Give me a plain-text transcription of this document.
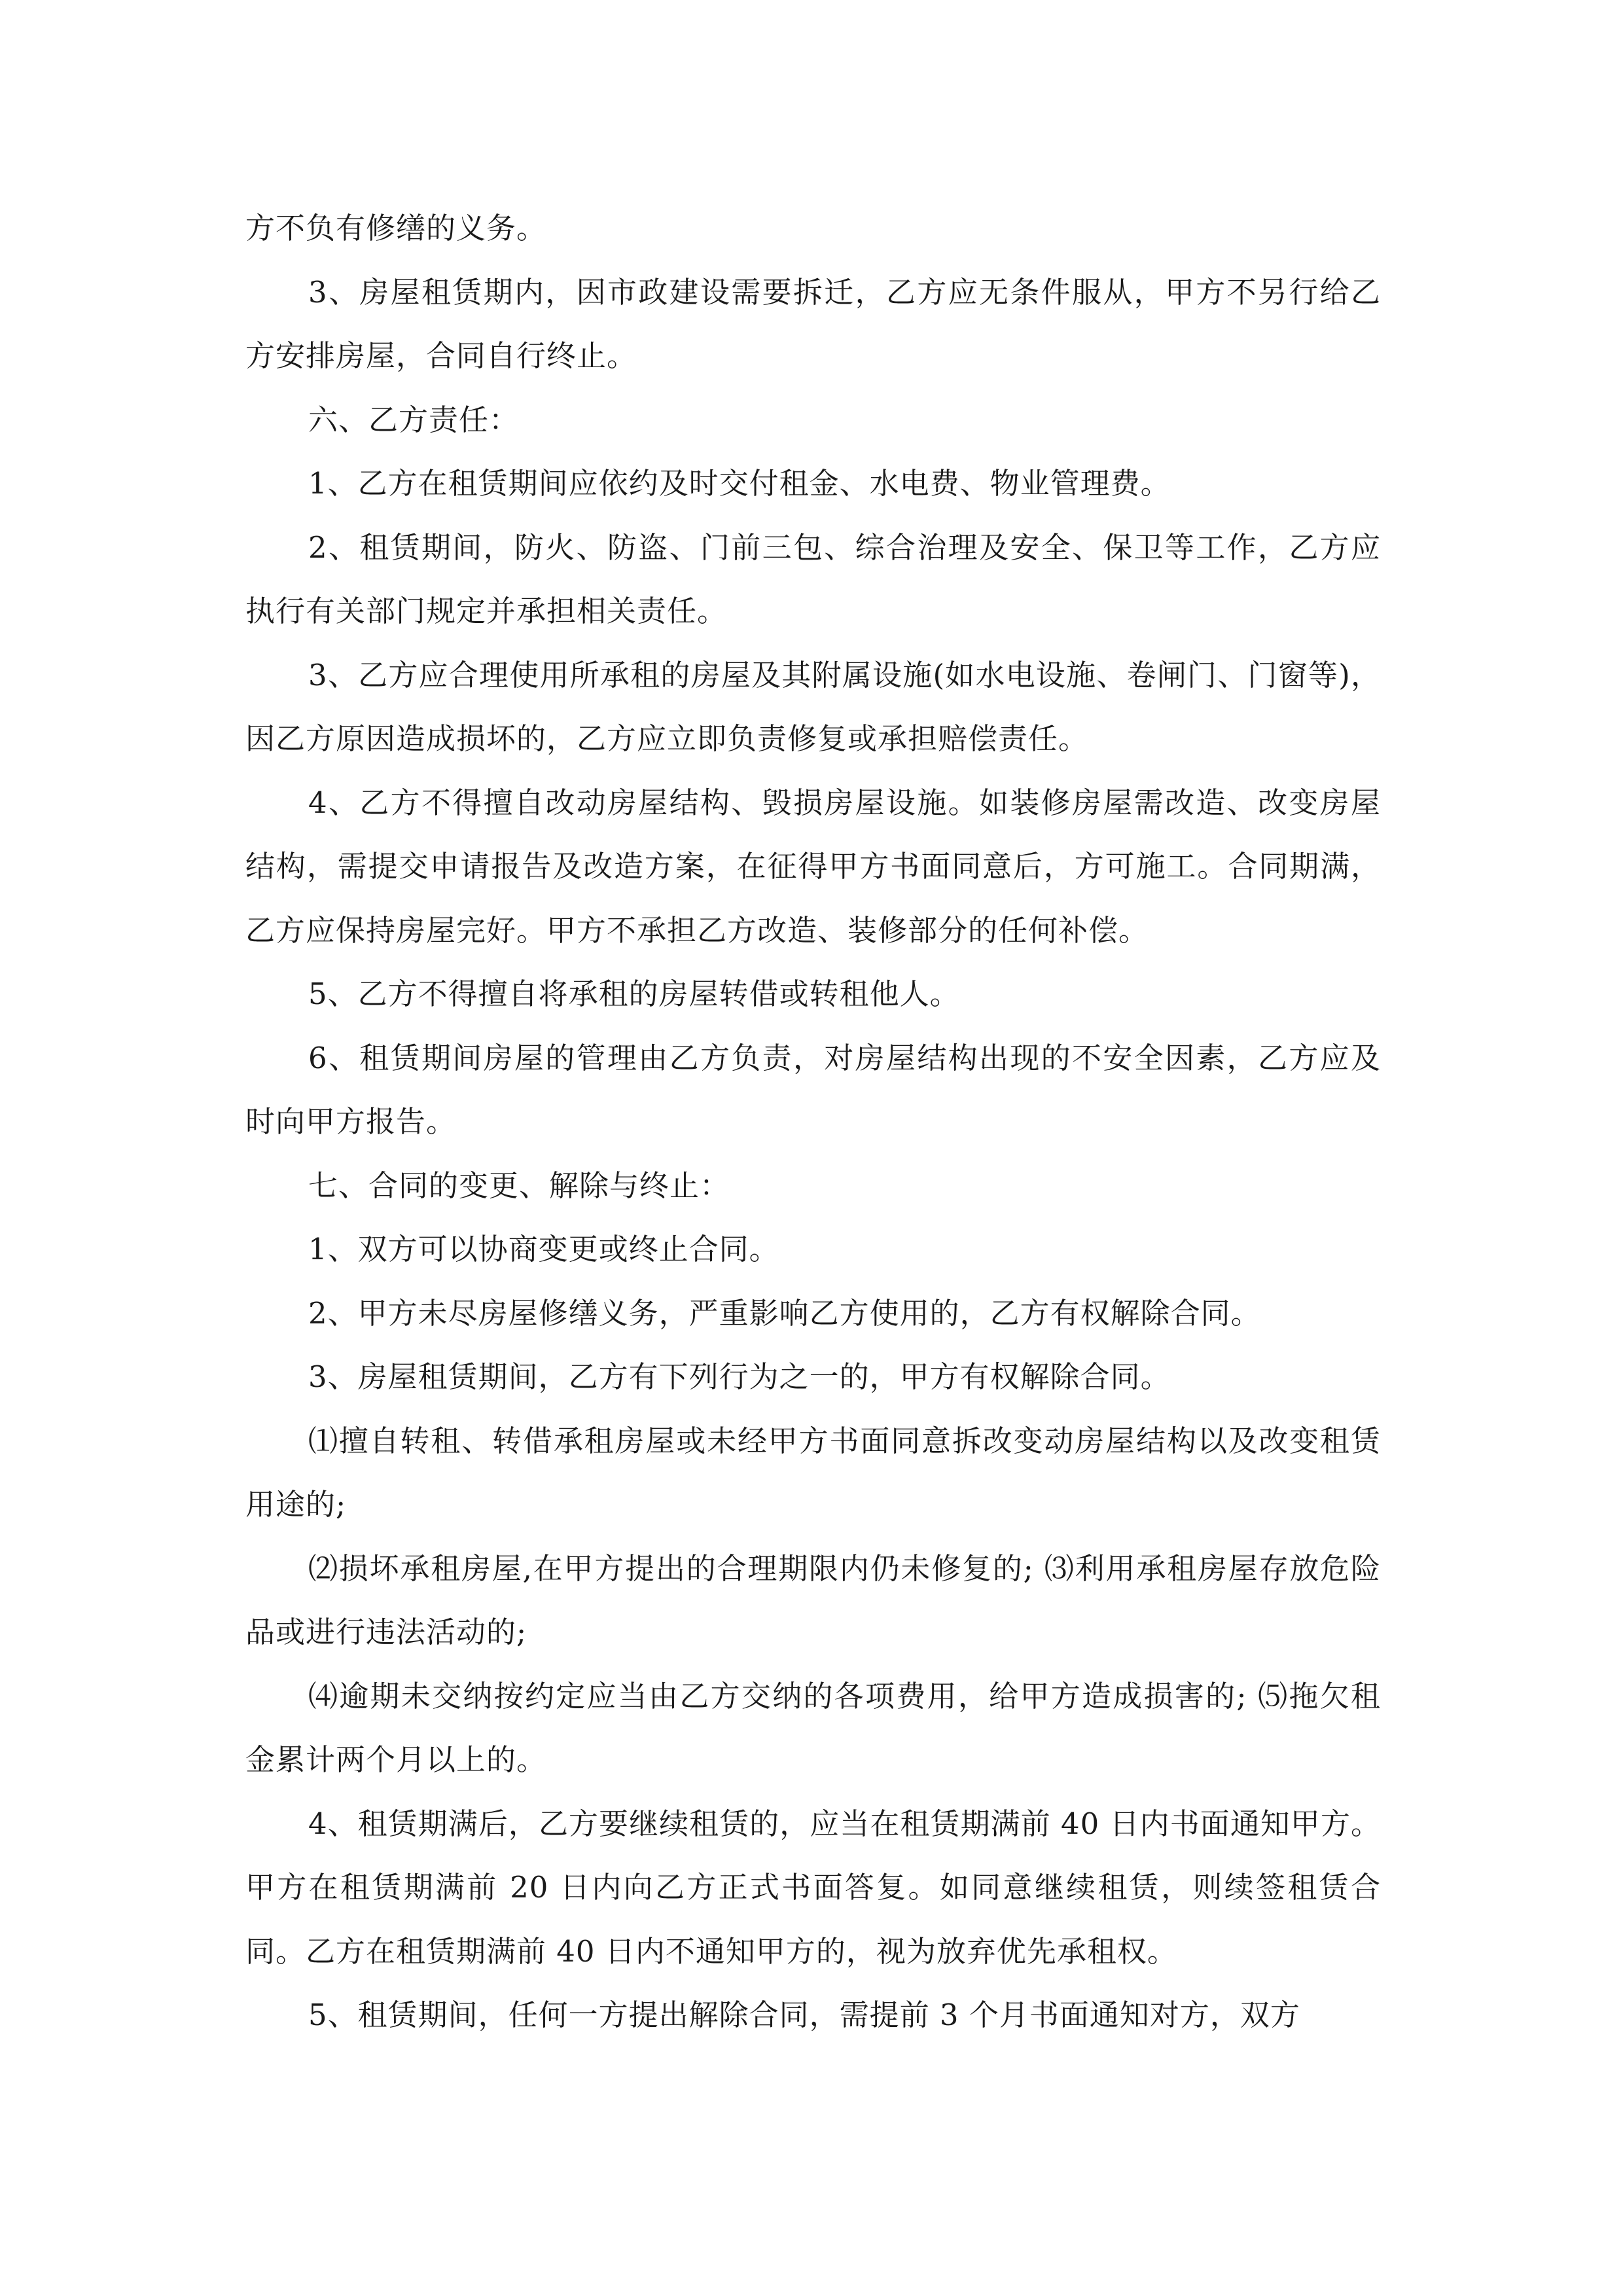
方不负有修缮的义务。

3、房屋租赁期内，因市政建设需要拆迁，乙方应无条件服从，甲方不另行给乙方安排房屋，合同自行终止。

六、乙方责任：

1、乙方在租赁期间应依约及时交付租金、水电费、物业管理费。

2、租赁期间，防火、防盗、门前三包、综合治理及安全、保卫等工作，乙方应执行有关部门规定并承担相关责任。

3、乙方应合理使用所承租的房屋及其附属设施(如水电设施、卷闸门、门窗等)，因乙方原因造成损坏的，乙方应立即负责修复或承担赔偿责任。

4、乙方不得擅自改动房屋结构、毁损房屋设施。如装修房屋需改造、改变房屋结构，需提交申请报告及改造方案，在征得甲方书面同意后，方可施工。合同期满，乙方应保持房屋完好。甲方不承担乙方改造、装修部分的任何补偿。

5、乙方不得擅自将承租的房屋转借或转租他人。

6、租赁期间房屋的管理由乙方负责，对房屋结构出现的不安全因素，乙方应及时向甲方报告。

七、合同的变更、解除与终止：

1、双方可以协商变更或终止合同。

2、甲方未尽房屋修缮义务，严重影响乙方使用的，乙方有权解除合同。

3、房屋租赁期间，乙方有下列行为之一的，甲方有权解除合同。

⑴擅自转租、转借承租房屋或未经甲方书面同意拆改变动房屋结构以及改变租赁用途的;

⑵损坏承租房屋,在甲方提出的合理期限内仍未修复的; ⑶利用承租房屋存放危险品或进行违法活动的;

⑷逾期未交纳按约定应当由乙方交纳的各项费用，给甲方造成损害的; ⑸拖欠租金累计两个月以上的。

4、租赁期满后，乙方要继续租赁的，应当在租赁期满前 40 日内书面通知甲方。甲方在租赁期满前 20 日内向乙方正式书面答复。如同意继续租赁，则续签租赁合同。乙方在租赁期满前 40 日内不通知甲方的，视为放弃优先承租权。

5、租赁期间，任何一方提出解除合同，需提前 3 个月书面通知对方，双方
